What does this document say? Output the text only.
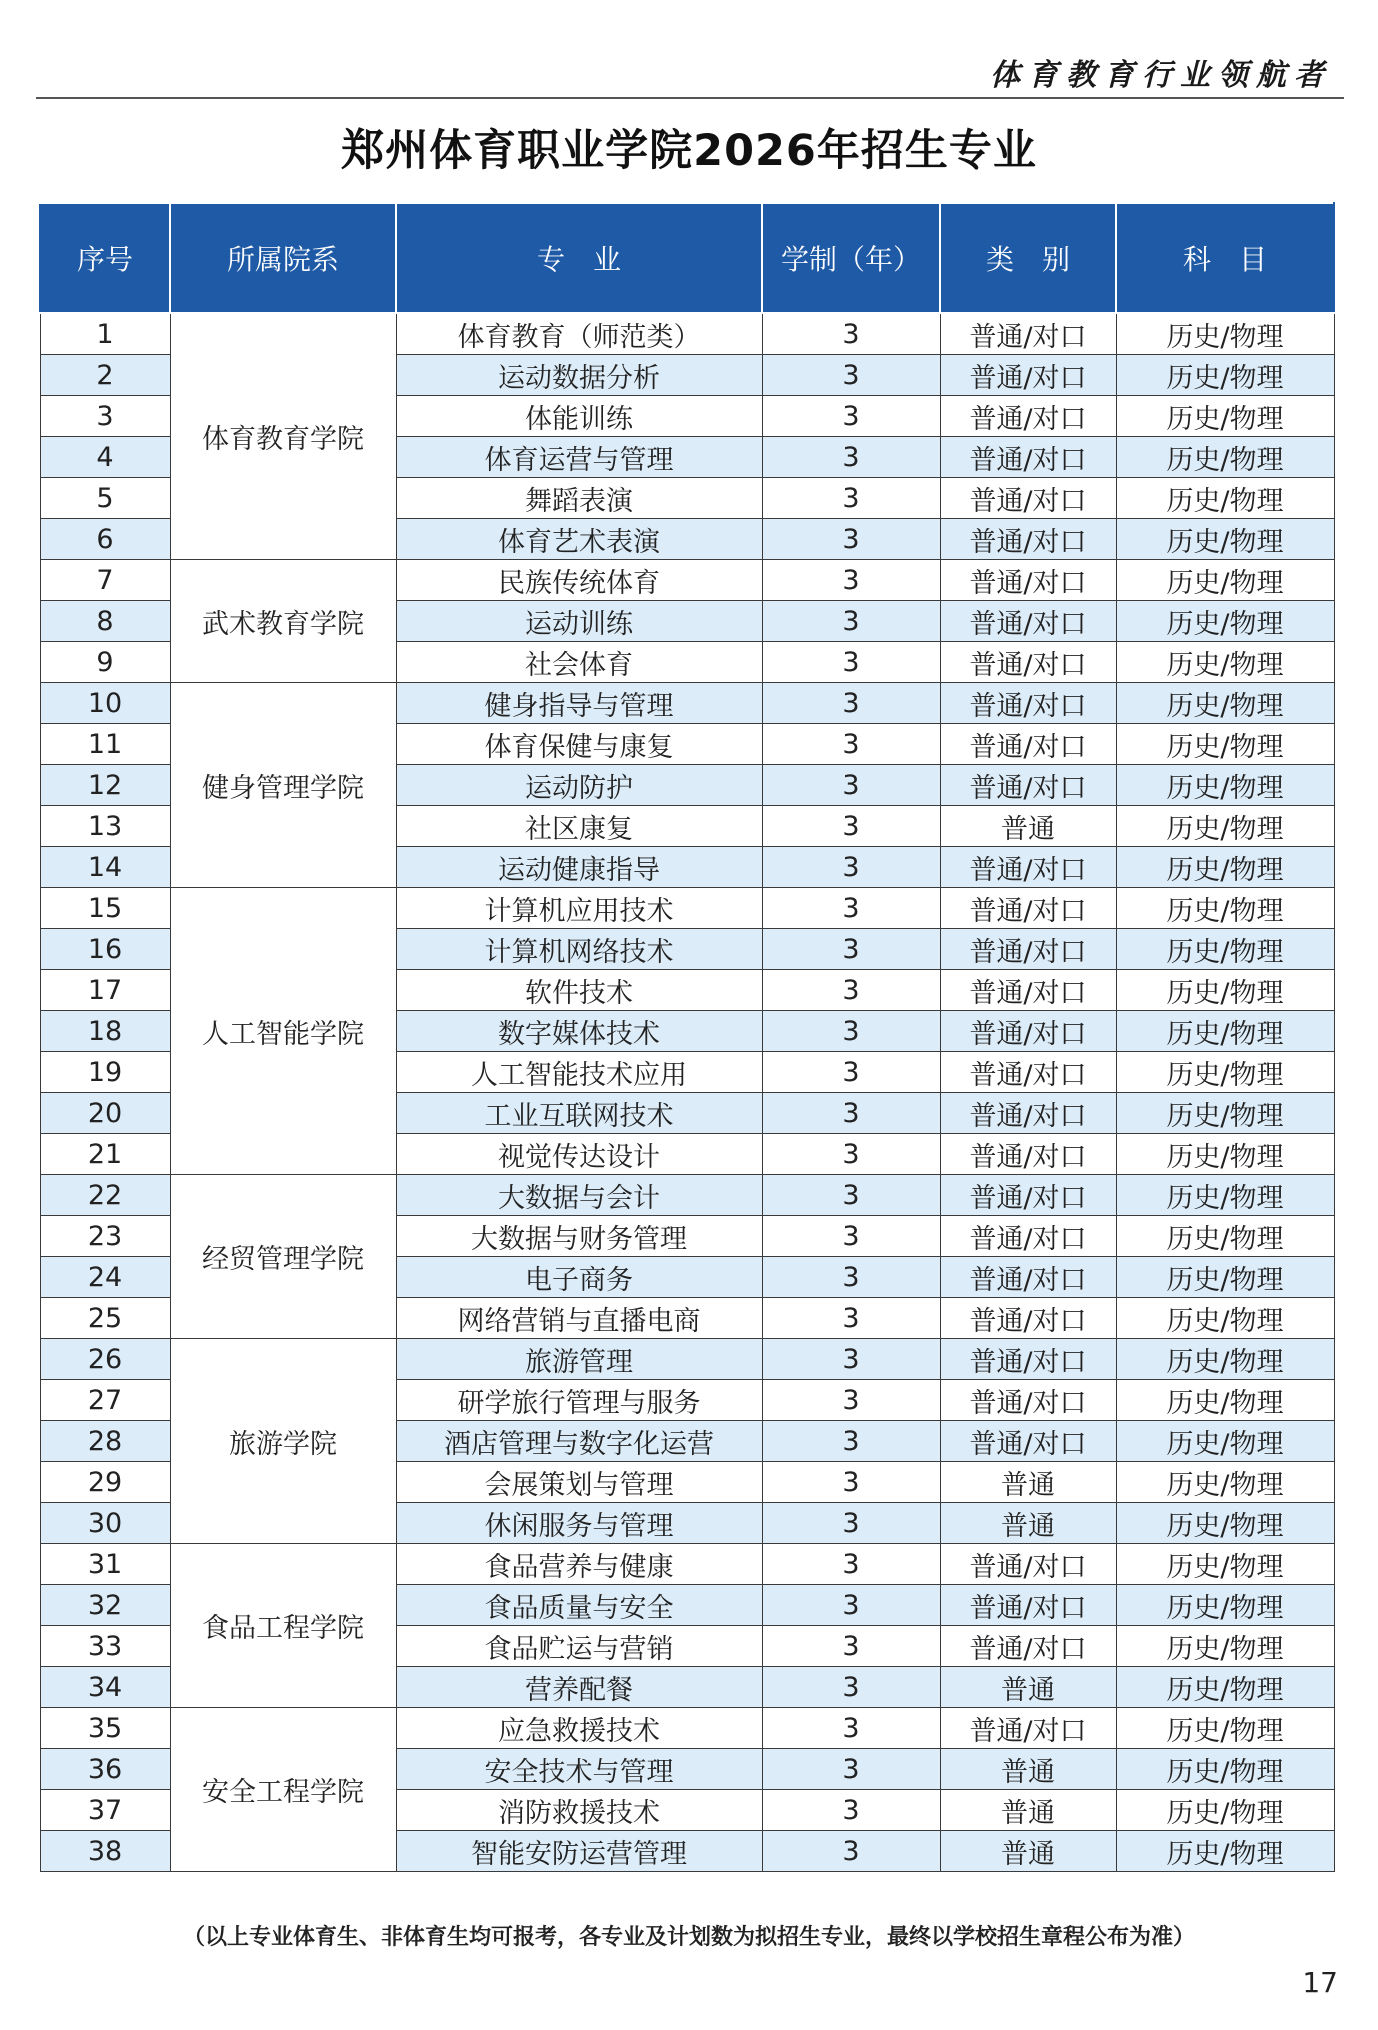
体育教育行业领航者
郑州体育职业学院2026年招生专业
序号	所属院系	专　业	学制（年）	类　别	科　目
1	体育教育学院	体育教育（师范类）	3	普通/对口	历史/物理
2		运动数据分析	3	普通/对口	历史/物理
3		体能训练	3	普通/对口	历史/物理
4		体育运营与管理	3	普通/对口	历史/物理
5		舞蹈表演	3	普通/对口	历史/物理
6		体育艺术表演	3	普通/对口	历史/物理
7	武术教育学院	民族传统体育	3	普通/对口	历史/物理
8		运动训练	3	普通/对口	历史/物理
9		社会体育	3	普通/对口	历史/物理
10	健身管理学院	健身指导与管理	3	普通/对口	历史/物理
11		体育保健与康复	3	普通/对口	历史/物理
12		运动防护	3	普通/对口	历史/物理
13		社区康复	3	普通	历史/物理
14		运动健康指导	3	普通/对口	历史/物理
15	人工智能学院	计算机应用技术	3	普通/对口	历史/物理
16		计算机网络技术	3	普通/对口	历史/物理
17		软件技术	3	普通/对口	历史/物理
18		数字媒体技术	3	普通/对口	历史/物理
19		人工智能技术应用	3	普通/对口	历史/物理
20		工业互联网技术	3	普通/对口	历史/物理
21		视觉传达设计	3	普通/对口	历史/物理
22	经贸管理学院	大数据与会计	3	普通/对口	历史/物理
23		大数据与财务管理	3	普通/对口	历史/物理
24		电子商务	3	普通/对口	历史/物理
25		网络营销与直播电商	3	普通/对口	历史/物理
26	旅游学院	旅游管理	3	普通/对口	历史/物理
27		研学旅行管理与服务	3	普通/对口	历史/物理
28		酒店管理与数字化运营	3	普通/对口	历史/物理
29		会展策划与管理	3	普通	历史/物理
30		休闲服务与管理	3	普通	历史/物理
31	食品工程学院	食品营养与健康	3	普通/对口	历史/物理
32		食品质量与安全	3	普通/对口	历史/物理
33		食品贮运与营销	3	普通/对口	历史/物理
34		营养配餐	3	普通	历史/物理
35	安全工程学院	应急救援技术	3	普通/对口	历史/物理
36		安全技术与管理	3	普通	历史/物理
37		消防救援技术	3	普通	历史/物理
38		智能安防运营管理	3	普通	历史/物理
（以上专业体育生、非体育生均可报考，各专业及计划数为拟招生专业，最终以学校招生章程公布为准）
17
